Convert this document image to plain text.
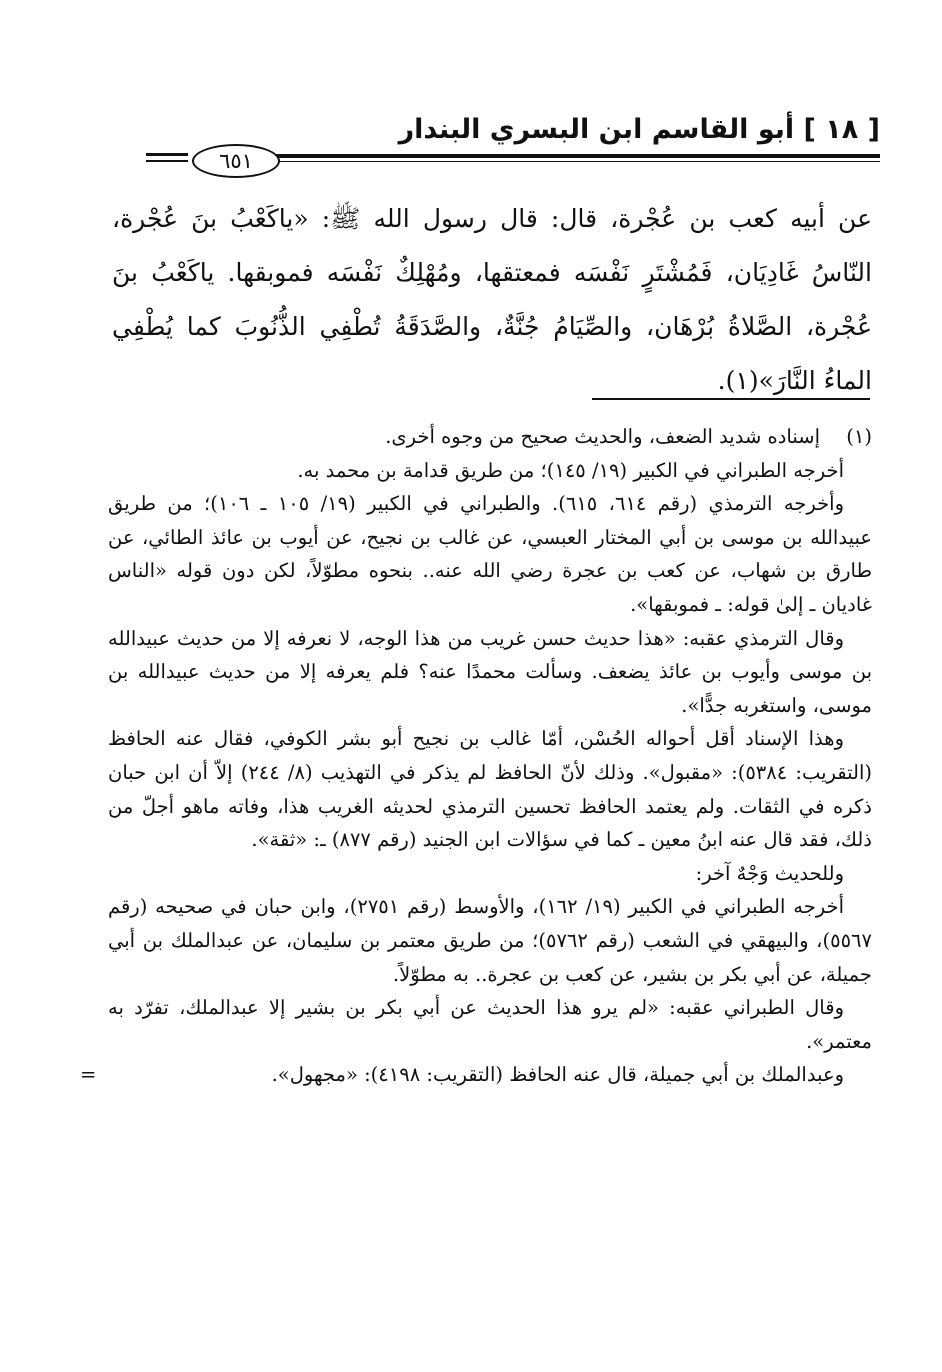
[ ١٨ ] أبو القاسم ابن البسري البندار
٦٥١
عن أبيه كعب بن عُجْرة، قال: قال رسول الله ﷺ: «ياكَعْبُ بنَ عُجْرة، النّاسُ غَادِيَان، فَمُشْتَرٍ نَفْسَه فمعتقها، ومُهْلِكٌ نَفْسَه فموبقها. ياكَعْبُ بنَ عُجْرة، الصَّلاةُ بُرْهَان، والصِّيَامُ جُنَّةٌ، والصَّدَقَةُ تُطْفِي الذُّنُوبَ كما يُطْفِي الماءُ النَّارَ»(١).

(١)
إسناده شديد الضعف، والحديث صحيح من وجوه أخرى.

أخرجه الطبراني في الكبير (١٩/ ١٤٥)؛ من طريق قدامة بن محمد به.

وأخرجه الترمذي (رقم ٦١٤، ٦١٥). والطبراني في الكبير (١٩/ ١٠٥ ـ ١٠٦)؛ من طريق عبيدالله بن موسى بن أبي المختار العبسي، عن غالب بن نجيح، عن أيوب بن عائذ الطائي، عن طارق بن شهاب، عن كعب بن عجرة رضي الله عنه.. بنحوه مطوّلاً، لكن دون قوله «الناس غاديان ـ إلىٰ قوله: ـ فموبقها».

وقال الترمذي عقبه: «هذا حديث حسن غريب من هذا الوجه، لا نعرفه إلا من حديث عبيدالله بن موسى وأيوب بن عائذ يضعف. وسألت محمدًا عنه؟ فلم يعرفه إلا من حديث عبيدالله بن موسى، واستغربه جدًّا».

وهذا الإسناد أقل أحواله الحُسْن، أمّا غالب بن نجيح أبو بشر الكوفي، فقال عنه الحافظ (التقريب: ٥٣٨٤): «مقبول». وذلك لأنّ الحافظ لم يذكر في التهذيب (٨/ ٢٤٤) إلاّ أن ابن حبان ذكره في الثقات. ولم يعتمد الحافظ تحسين الترمذي لحديثه الغريب هذا، وفاته ماهو أجلّ من ذلك، فقد قال عنه ابنُ معين ـ كما في سؤالات ابن الجنيد (رقم ٨٧٧) ـ: «ثقة».

وللحديث وَجْهٌ آخر:

أخرجه الطبراني في الكبير (١٩/ ١٦٢)، والأوسط (رقم ٢٧٥١)، وابن حبان في صحيحه (رقم ٥٥٦٧)، والبيهقي في الشعب (رقم ٥٧٦٢)؛ من طريق معتمر بن سليمان، عن عبدالملك بن أبي جميلة، عن أبي بكر بن بشير، عن كعب بن عجرة.. به مطوّلاً.

وقال الطبراني عقبه: «لم يرو هذا الحديث عن أبي بكر بن بشير إلا عبدالملك، تفرّد به معتمر».

وعبدالملك بن أبي جميلة، قال عنه الحافظ (التقريب: ٤١٩٨): «مجهول».
=
